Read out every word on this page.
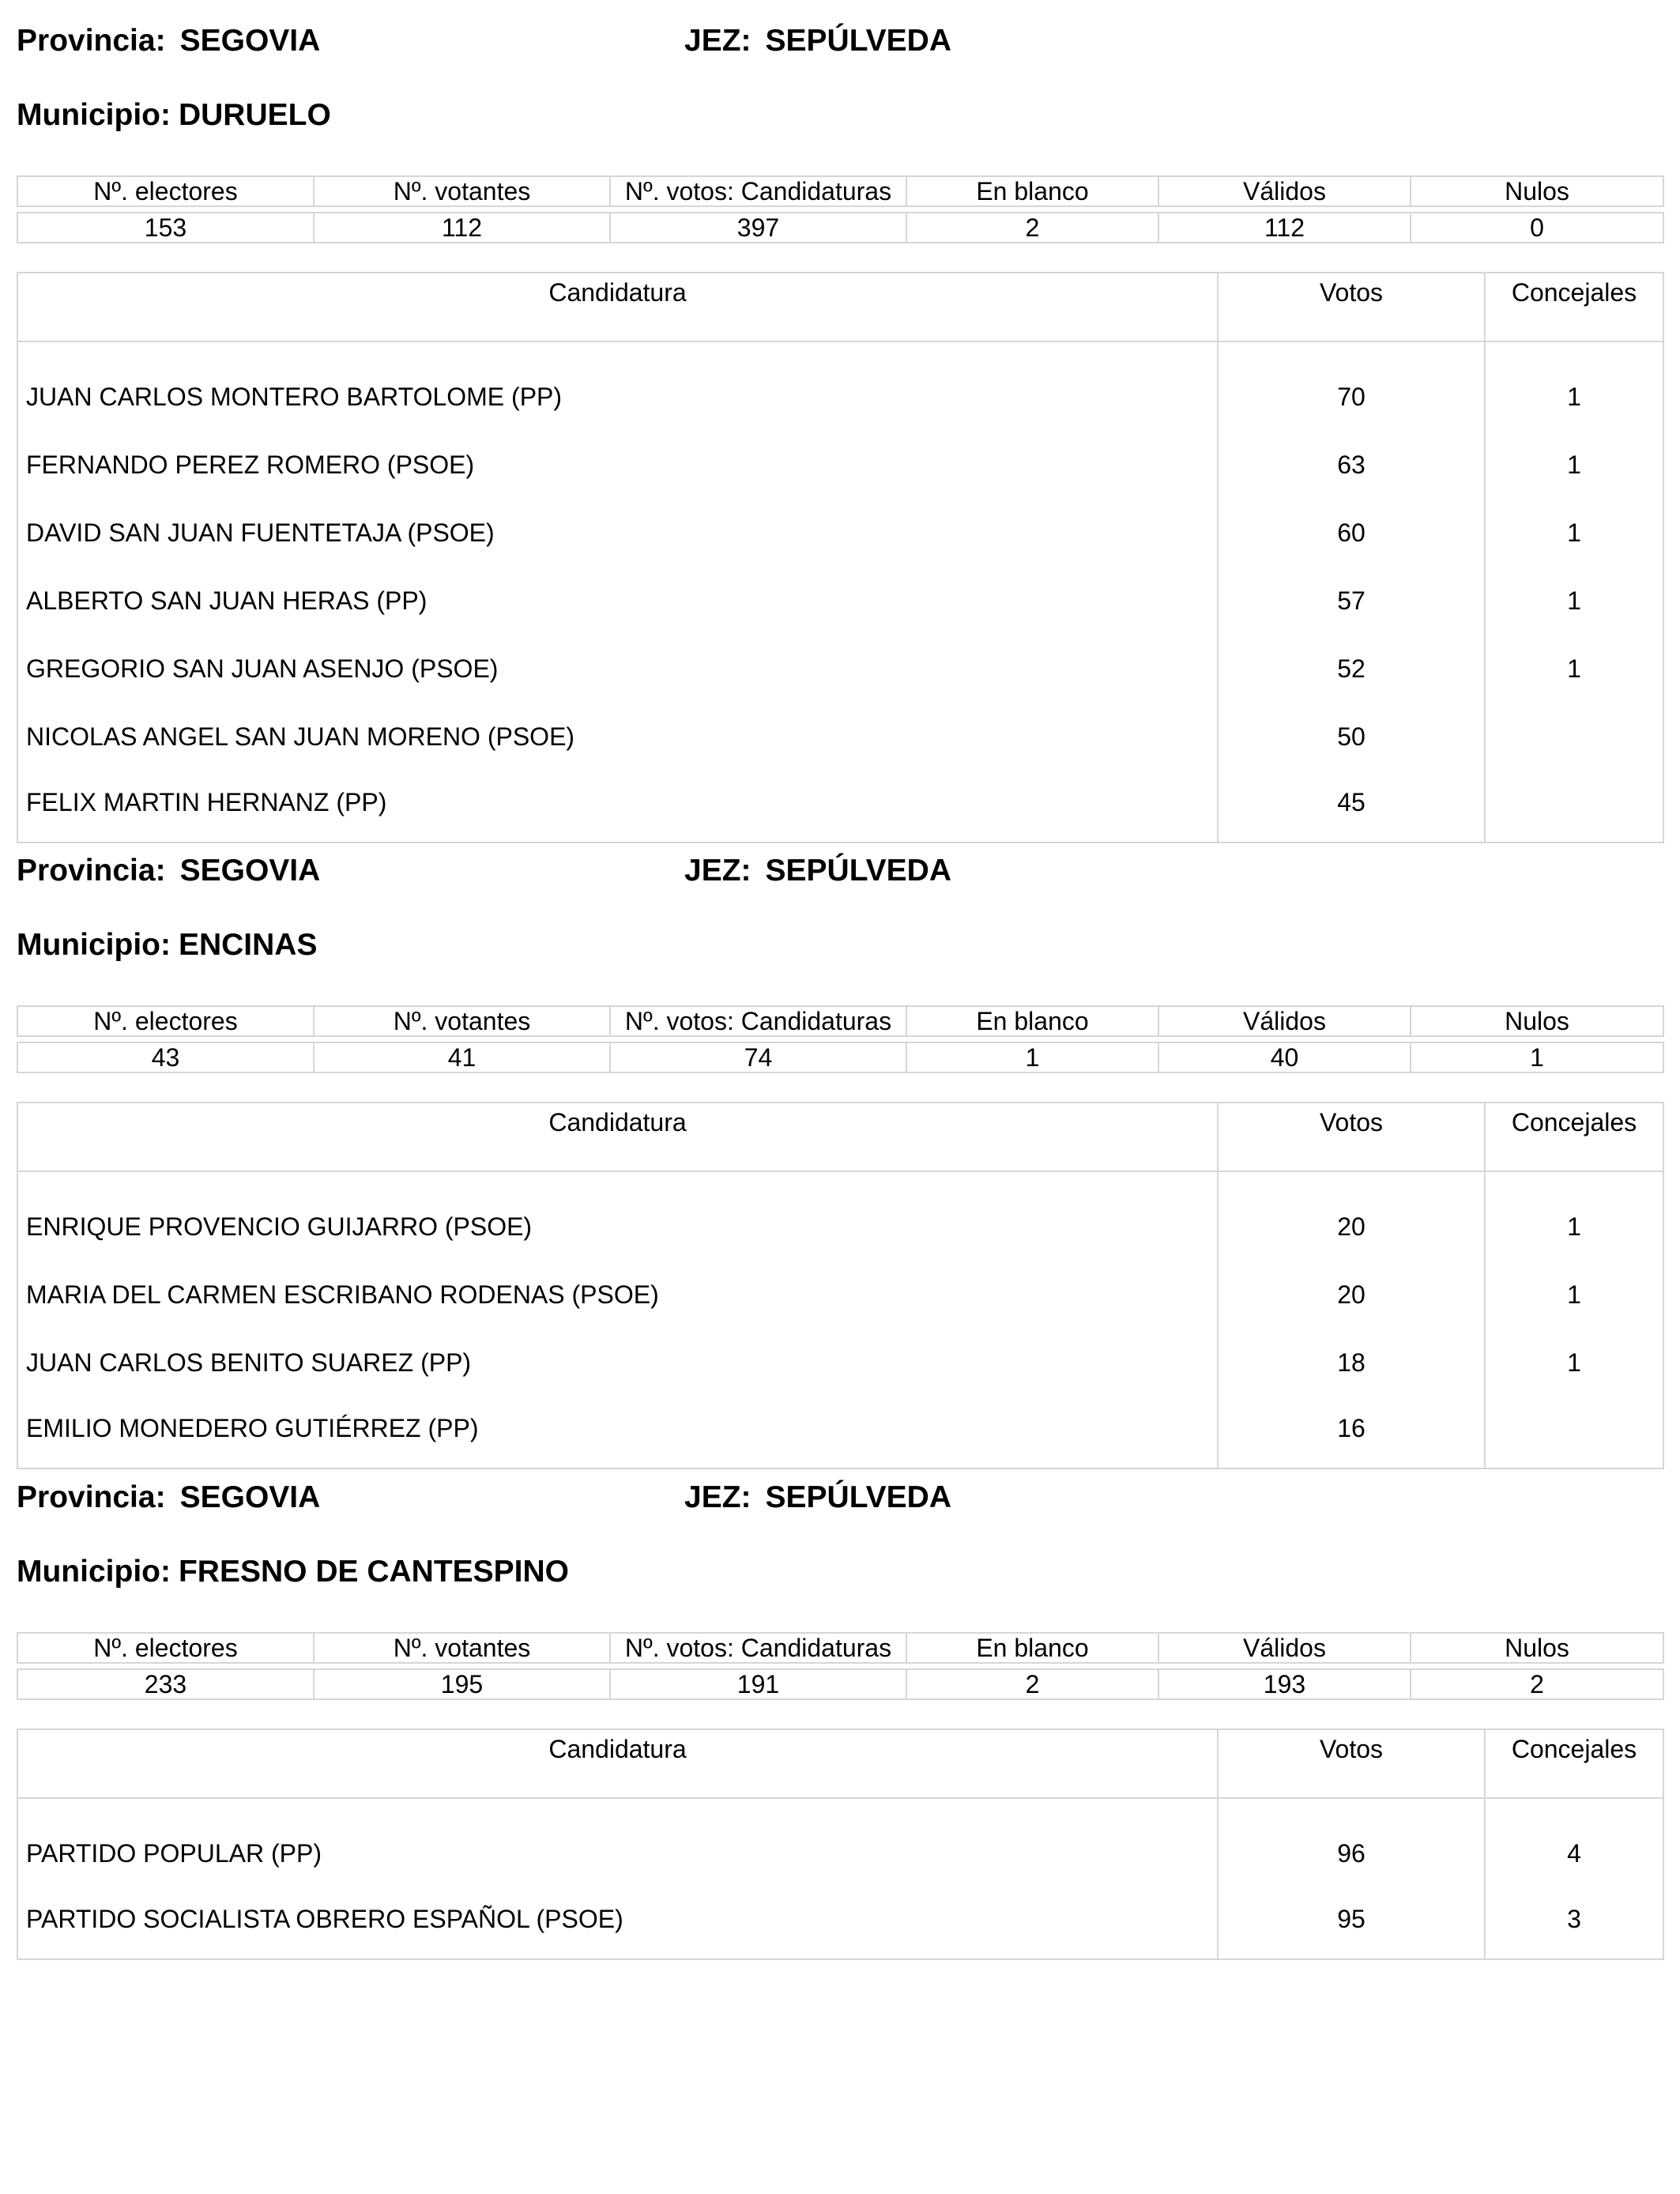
Provincia: SEGOVIA	JEZ: SEPÚLVEDA
Municipio: DURUELO
Nº. electores	Nº. votantes	Nº. votos: Candidaturas	En blanco	Válidos	Nulos

153	112	397	2	112	0
Candidatura	Votos	Concejales
JUAN CARLOS MONTERO BARTOLOME (PP)	70	1
FERNANDO PEREZ ROMERO (PSOE)	63	1
DAVID SAN JUAN FUENTETAJA (PSOE)	60	1
ALBERTO SAN JUAN HERAS (PP)	57	1
GREGORIO SAN JUAN ASENJO (PSOE)	52	1
NICOLAS ANGEL SAN JUAN MORENO (PSOE)	50	
FELIX MARTIN HERNANZ (PP)	45	
Provincia: SEGOVIA	JEZ: SEPÚLVEDA
Municipio: ENCINAS
Nº. electores	Nº. votantes	Nº. votos: Candidaturas	En blanco	Válidos	Nulos

43	41	74	1	40	1
Candidatura	Votos	Concejales
ENRIQUE PROVENCIO GUIJARRO (PSOE)	20	1
MARIA DEL CARMEN ESCRIBANO RODENAS (PSOE)	20	1
JUAN CARLOS BENITO SUAREZ (PP)	18	1
EMILIO MONEDERO GUTIÉRREZ (PP)	16	
Provincia: SEGOVIA	JEZ: SEPÚLVEDA
Municipio: FRESNO DE CANTESPINO
Nº. electores	Nº. votantes	Nº. votos: Candidaturas	En blanco	Válidos	Nulos

233	195	191	2	193	2
Candidatura	Votos	Concejales
PARTIDO POPULAR (PP)	96	4
PARTIDO SOCIALISTA OBRERO ESPAÑOL (PSOE)	95	3
